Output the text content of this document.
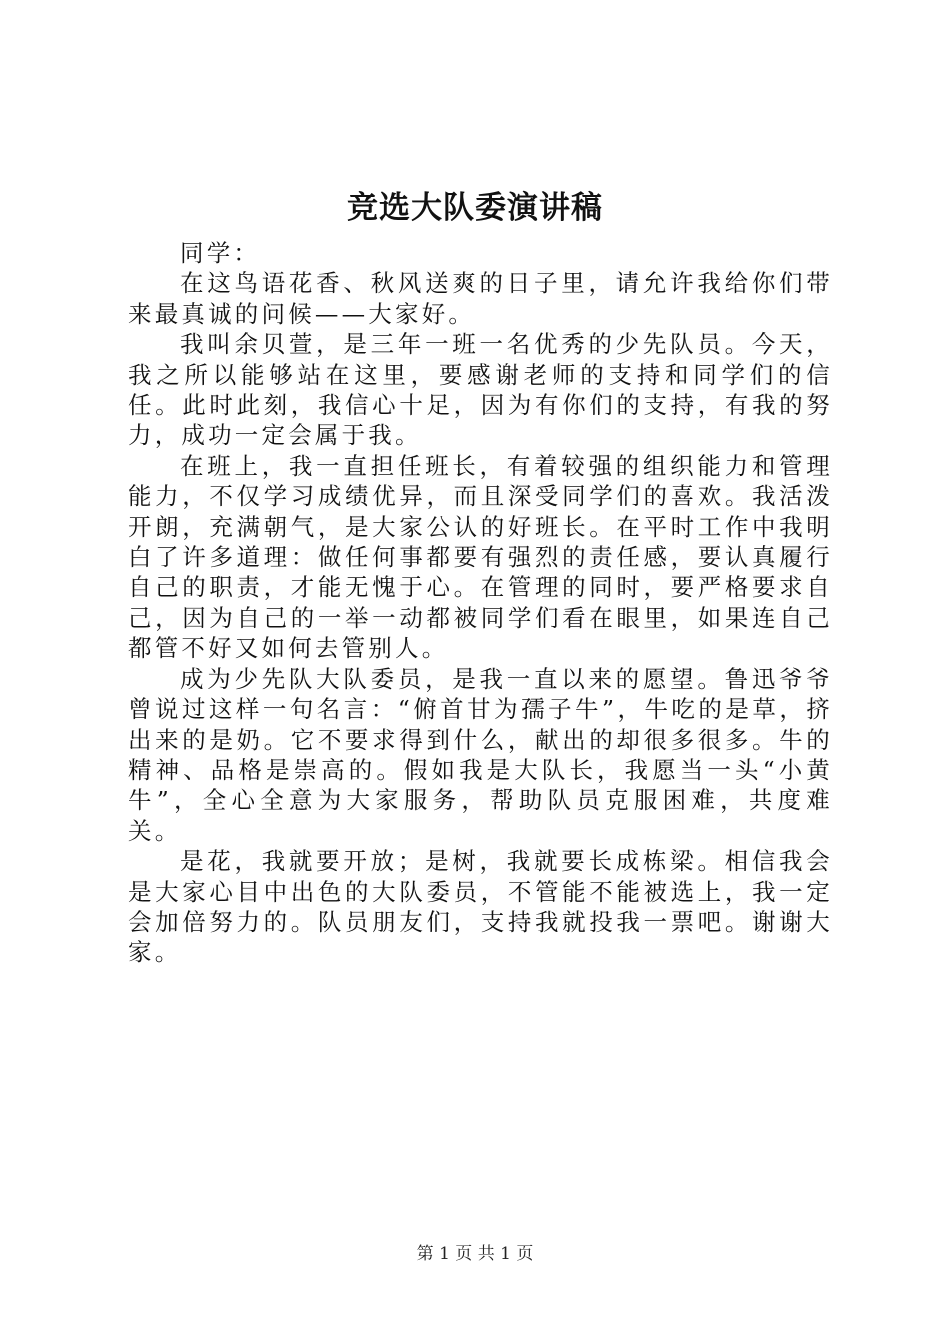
竞选大队委演讲稿

同学：

在这鸟语花香、秋风送爽的日子里，请允许我给你们带来最真诚的问候——大家好。

我叫余贝萱，是三年一班一名优秀的少先队员。今天，我之所以能够站在这里，要感谢老师的支持和同学们的信任。此时此刻，我信心十足，因为有你们的支持，有我的努力，成功一定会属于我。

在班上，我一直担任班长，有着较强的组织能力和管理能力，不仅学习成绩优异，而且深受同学们的喜欢。我活泼开朗，充满朝气，是大家公认的好班长。在平时工作中我明白了许多道理：做任何事都要有强烈的责任感，要认真履行自己的职责，才能无愧于心。在管理的同时，要严格要求自己，因为自己的一举一动都被同学们看在眼里，如果连自己都管不好又如何去管别人。

成为少先队大队委员，是我一直以来的愿望。鲁迅爷爷曾说过这样一句名言：“俯首甘为孺子牛”，牛吃的是草，挤出来的是奶。它不要求得到什么，献出的却很多很多。牛的精神、品格是崇高的。假如我是大队长，我愿当一头“小黄牛”，全心全意为大家服务，帮助队员克服困难，共度难关。

是花，我就要开放；是树，我就要长成栋梁。相信我会是大家心目中出色的大队委员，不管能不能被选上，我一定会加倍努力的。队员朋友们，支持我就投我一票吧。谢谢大家。

第 1 页 共 1 页
